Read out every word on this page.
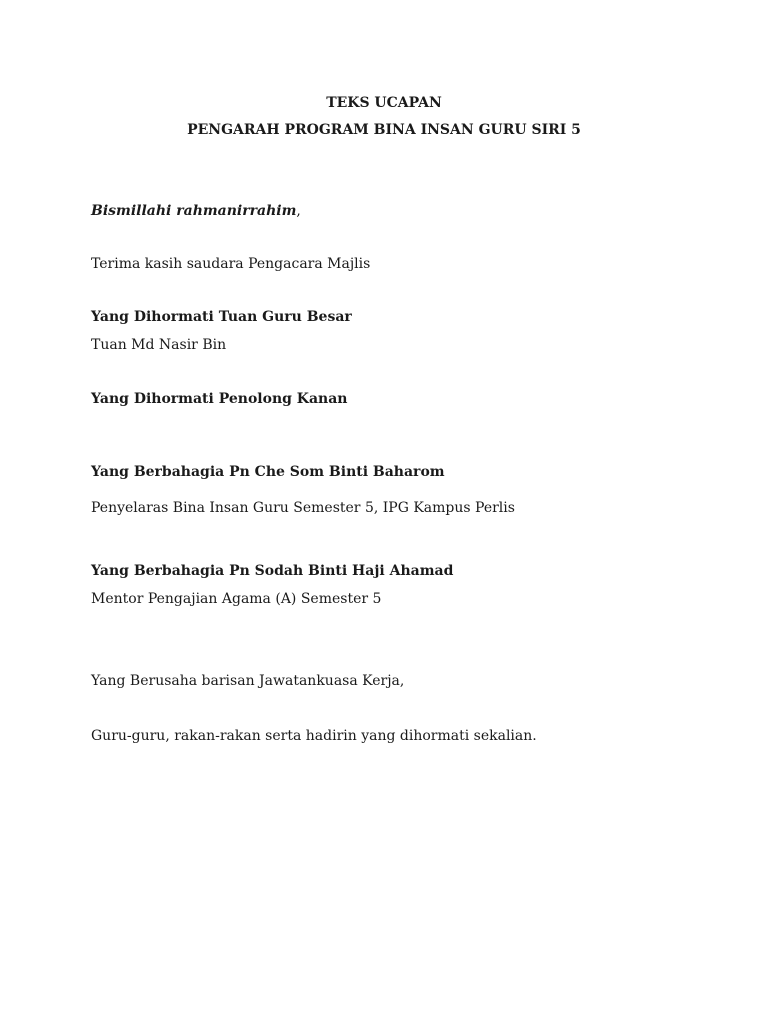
TEKS UCAPAN
PENGARAH PROGRAM BINA INSAN GURU SIRI 5
Bismillahi rahmanirrahim,
Terima kasih saudara Pengacara Majlis
Yang Dihormati Tuan Guru Besar
Tuan Md Nasir Bin
Yang Dihormati Penolong Kanan
Yang Berbahagia Pn Che Som Binti Baharom
Penyelaras Bina Insan Guru Semester 5, IPG Kampus Perlis
Yang Berbahagia Pn Sodah Binti Haji Ahamad
Mentor Pengajian Agama (A) Semester 5
Yang Berusaha barisan Jawatankuasa Kerja,
Guru-guru, rakan-rakan serta hadirin yang dihormati sekalian.
